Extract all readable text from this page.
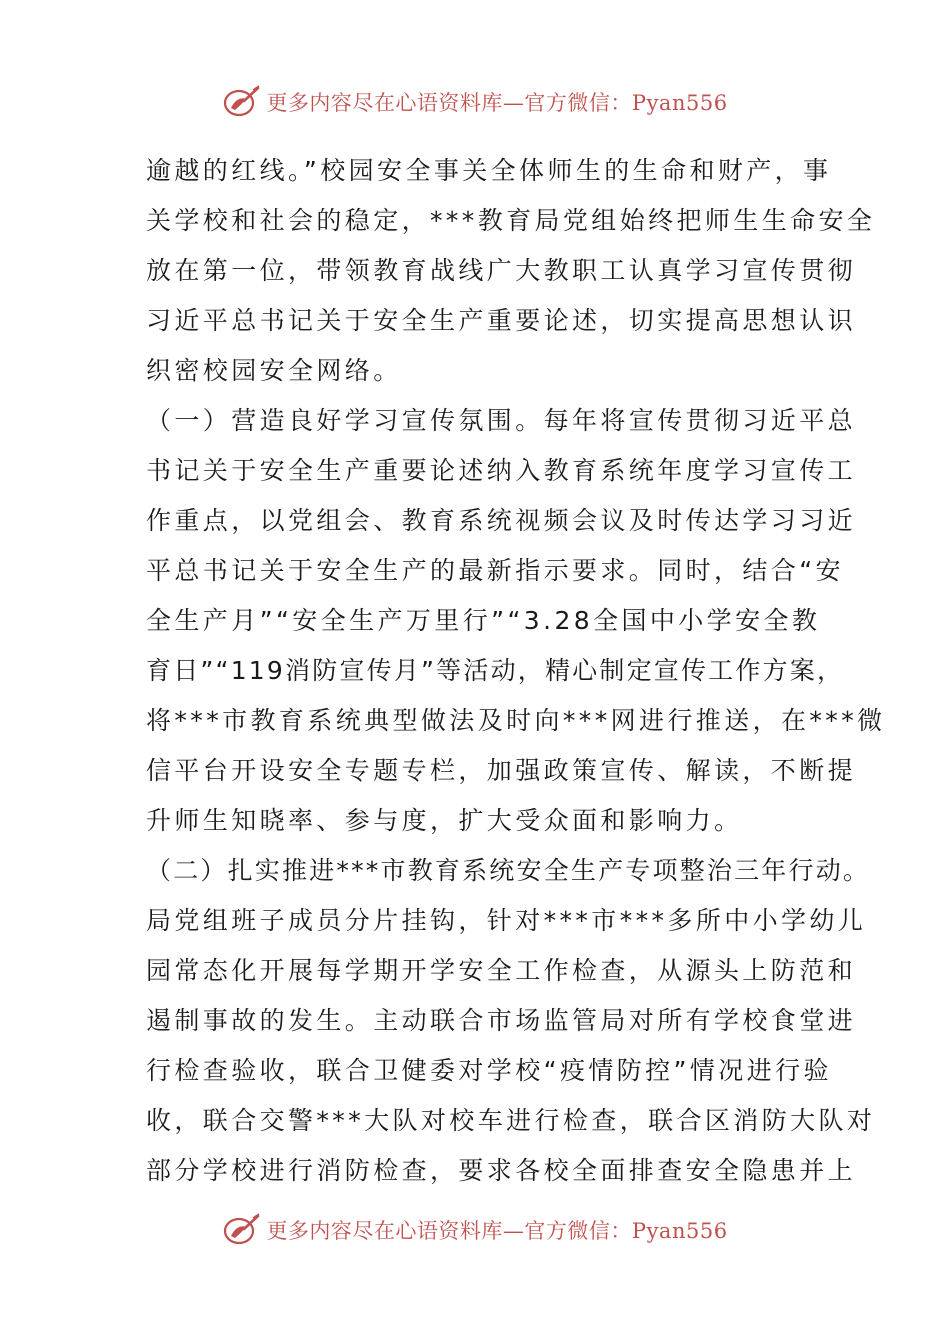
更多内容尽在心语资料库—官方微信：Pyan556
逾越的红线。”校园安全事关全体师生的生命和财产，事
关学校和社会的稳定，***教育局党组始终把师生生命安全
放在第一位，带领教育战线广大教职工认真学习宣传贯彻
习近平总书记关于安全生产重要论述，切实提高思想认识
织密校园安全网络。
（一）营造良好学习宣传氛围。每年将宣传贯彻习近平总
书记关于安全生产重要论述纳入教育系统年度学习宣传工
作重点，以党组会、教育系统视频会议及时传达学习习近
平总书记关于安全生产的最新指示要求。同时，结合“安
全生产月”“安全生产万里行”“3.28全国中小学安全教
育日”“119消防宣传月”等活动，精心制定宣传工作方案，
将***市教育系统典型做法及时向***网进行推送，在***微
信平台开设安全专题专栏，加强政策宣传、解读，不断提
升师生知晓率、参与度，扩大受众面和影响力。
（二）扎实推进***市教育系统安全生产专项整治三年行动。
局党组班子成员分片挂钩，针对***市***多所中小学幼儿
园常态化开展每学期开学安全工作检查，从源头上防范和
遏制事故的发生。主动联合市场监管局对所有学校食堂进
行检查验收，联合卫健委对学校“疫情防控”情况进行验
收，联合交警***大队对校车进行检查，联合区消防大队对
部分学校进行消防检查，要求各校全面排查安全隐患并上
更多内容尽在心语资料库—官方微信：Pyan556
